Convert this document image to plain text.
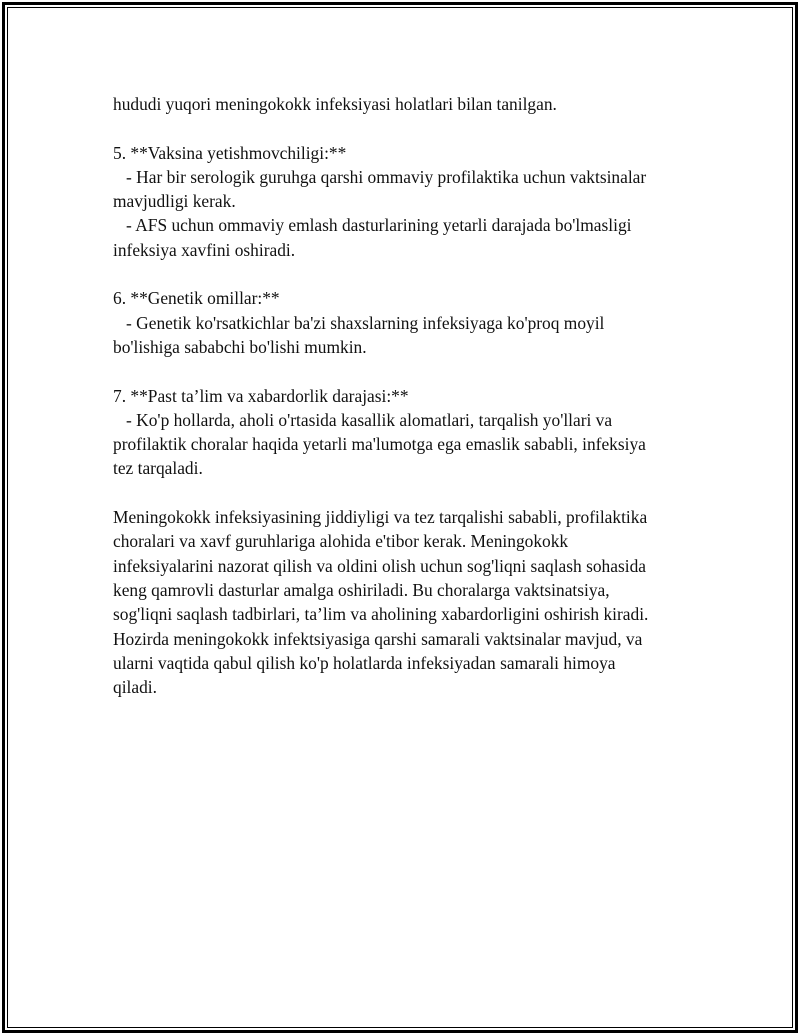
hududi yuqori meningokokk infeksiyasi holatlari bilan tanilgan.
5. **Vaksina yetishmovchiligi:**
- Har bir serologik guruhga qarshi ommaviy profilaktika uchun vaktsinalar
mavjudligi kerak.
- AFS uchun ommaviy emlash dasturlarining yetarli darajada bo'lmasligi
infeksiya xavfini oshiradi.
6. **Genetik omillar:**
- Genetik ko'rsatkichlar ba'zi shaxslarning infeksiyaga ko'proq moyil
bo'lishiga sababchi bo'lishi mumkin.
7. **Past ta’lim va xabardorlik darajasi:**
- Ko'p hollarda, aholi o'rtasida kasallik alomatlari, tarqalish yo'llari va
profilaktik choralar haqida yetarli ma'lumotga ega emaslik sababli, infeksiya
tez tarqaladi.
Meningokokk infeksiyasining jiddiyligi va tez tarqalishi sababli, profilaktika
choralari va xavf guruhlariga alohida e'tibor kerak. Meningokokk
infeksiyalarini nazorat qilish va oldini olish uchun sog'liqni saqlash sohasida
keng qamrovli dasturlar amalga oshiriladi. Bu choralarga vaktsinatsiya,
sog'liqni saqlash tadbirlari, ta’lim va aholining xabardorligini oshirish kiradi.
Hozirda meningokokk infektsiyasiga qarshi samarali vaktsinalar mavjud, va
ularni vaqtida qabul qilish ko'p holatlarda infeksiyadan samarali himoya
qiladi.
